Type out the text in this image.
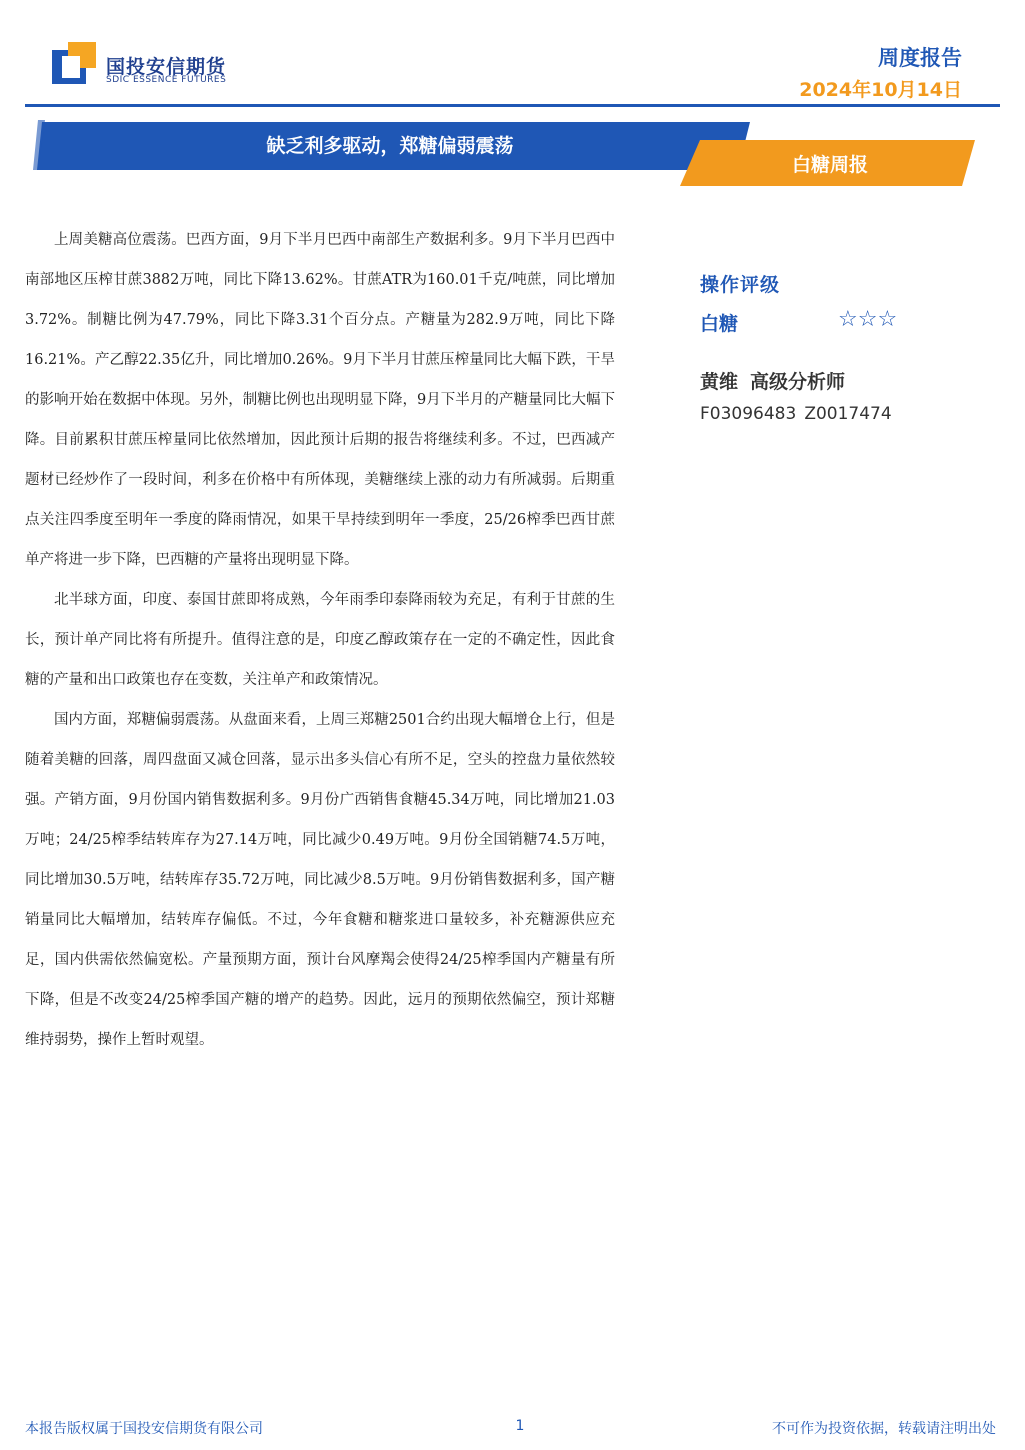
国投安信期货
SDIC ESSENCE FUTURES
周度报告
2024年10月14日
缺乏利多驱动，郑糖偏弱震荡
白糖周报

上周美糖高位震荡。巴西方面，9月下半月巴西中南部生产数据利多。9月下半月巴西中南部地区压榨甘蔗3882万吨，同比下降13.62%。甘蔗ATR为160.01千克/吨蔗，同比增加3.72%。制糖比例为47.79%，同比下降3.31个百分点。产糖量为282.9万吨，同比下降16.21%。产乙醇22.35亿升，同比增加0.26%。9月下半月甘蔗压榨量同比大幅下跌，干旱的影响开始在数据中体现。另外，制糖比例也出现明显下降，9月下半月的产糖量同比大幅下降。目前累积甘蔗压榨量同比依然增加，因此预计后期的报告将继续利多。不过，巴西减产题材已经炒作了一段时间，利多在价格中有所体现，美糖继续上涨的动力有所减弱。后期重点关注四季度至明年一季度的降雨情况，如果干旱持续到明年一季度，25/26榨季巴西甘蔗单产将进一步下降，巴西糖的产量将出现明显下降。

北半球方面，印度、泰国甘蔗即将成熟，今年雨季印泰降雨较为充足，有利于甘蔗的生长，预计单产同比将有所提升。值得注意的是，印度乙醇政策存在一定的不确定性，因此食糖的产量和出口政策也存在变数，关注单产和政策情况。

国内方面，郑糖偏弱震荡。从盘面来看，上周三郑糖2501合约出现大幅增仓上行，但是随着美糖的回落，周四盘面又减仓回落，显示出多头信心有所不足，空头的控盘力量依然较强。产销方面，9月份国内销售数据利多。9月份广西销售食糖45.34万吨，同比增加21.03万吨；24/25榨季结转库存为27.14万吨，同比减少0.49万吨。9月份全国销糖74.5万吨，同比增加30.5万吨，结转库存35.72万吨，同比减少8.5万吨。9月份销售数据利多，国产糖销量同比大幅增加，结转库存偏低。不过，今年食糖和糖浆进口量较多，补充糖源供应充足，国内供需依然偏宽松。产量预期方面，预计台风摩羯会使得24/25榨季国内产糖量有所下降，但是不改变24/25榨季国产糖的增产的趋势。因此，远月的预期依然偏空，预计郑糖维持弱势，操作上暂时观望。

操作评级
白糖	☆☆☆
黄维 高级分析师
F03096483 Z0017474
本报告版权属于国投安信期货有限公司	1	不可作为投资依据，转载请注明出处
